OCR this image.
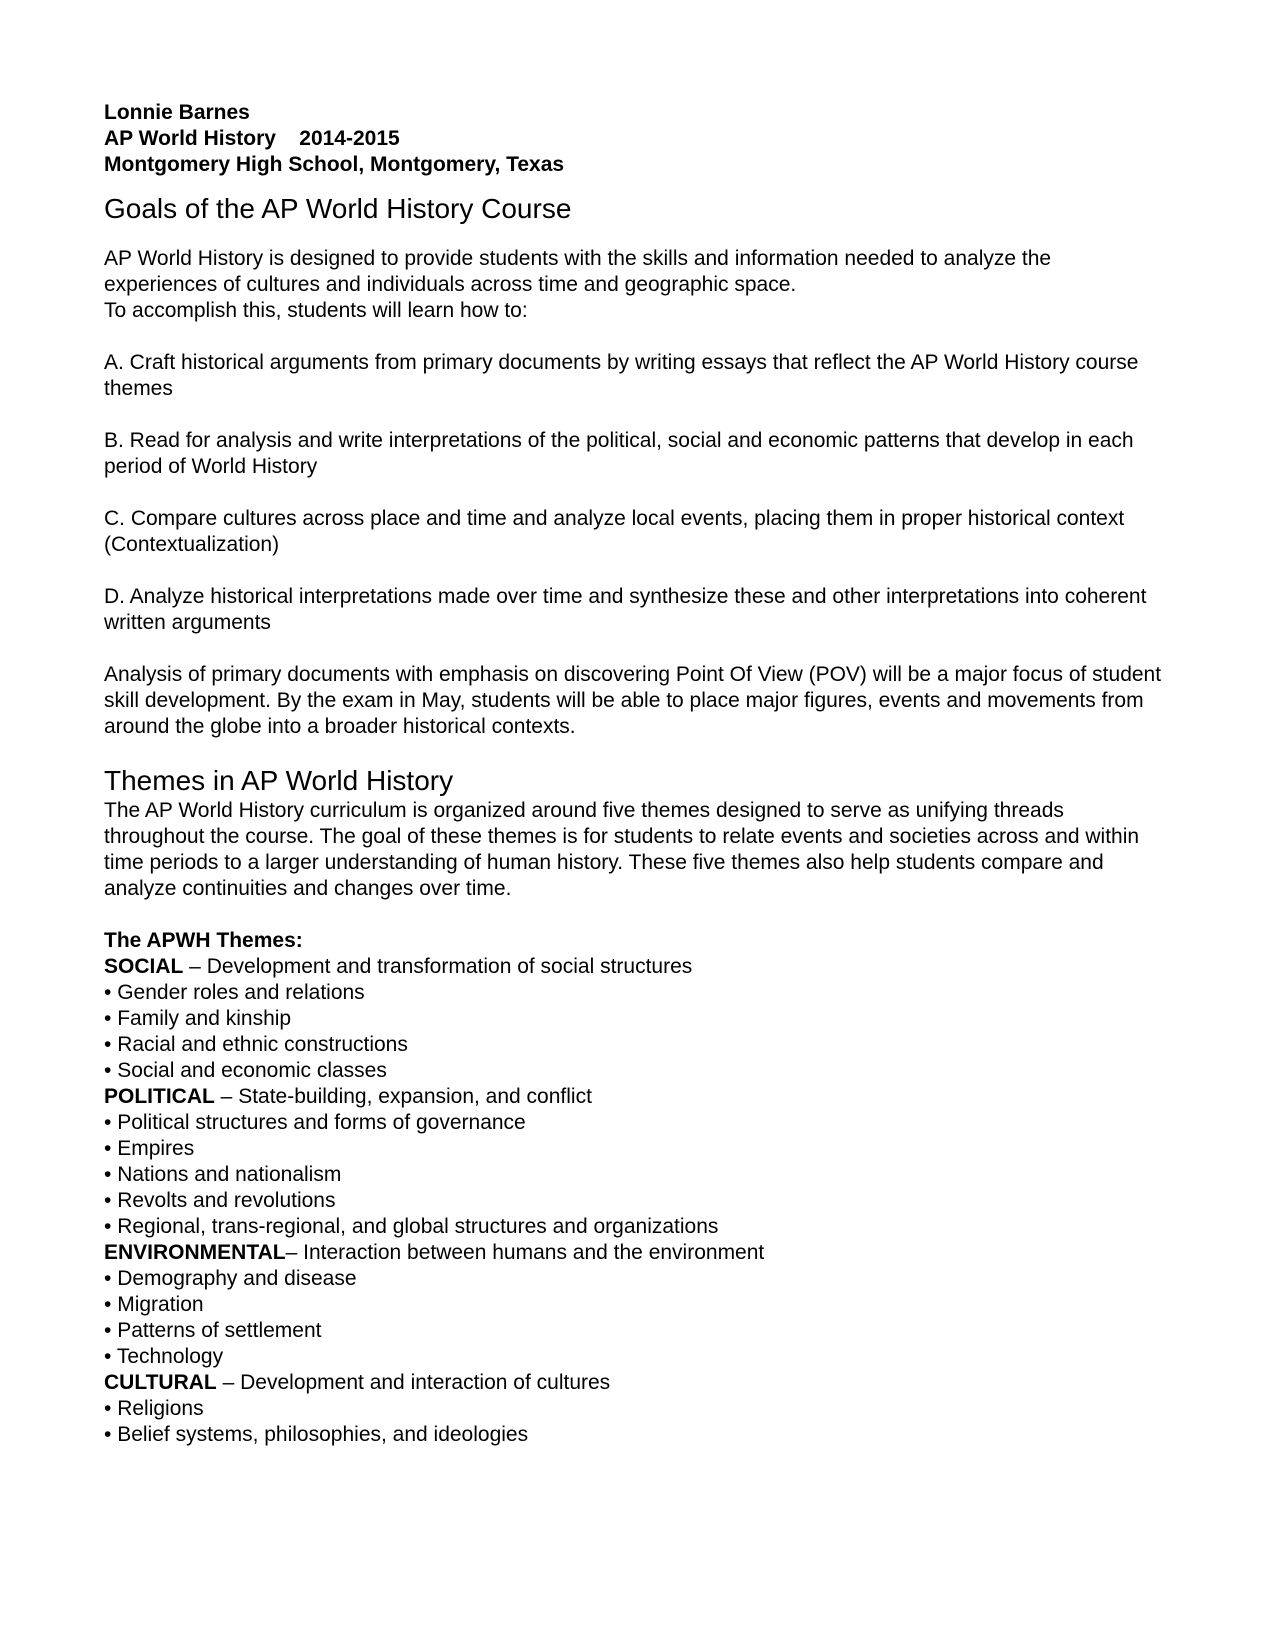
Lonnie Barnes
AP World History 2014-2015
Montgomery High School, Montgomery, Texas
Goals of the AP World History Course

AP World History is designed to provide students with the skills and information needed to analyze the experiences of cultures and individuals across time and geographic space.

To accomplish this, students will learn how to:

A. Craft historical arguments from primary documents by writing essays that reflect the AP World History course themes

B. Read for analysis and write interpretations of the political, social and economic patterns that develop in each period of World History

C. Compare cultures across place and time and analyze local events, placing them in proper historical context (Contextualization)

D. Analyze historical interpretations made over time and synthesize these and other interpretations into coherent written arguments

Analysis of primary documents with emphasis on discovering Point Of View (POV) will be a major focus of student skill development. By the exam in May, students will be able to place major figures, events and movements from around the globe into a broader historical contexts.

Themes in AP World History

The AP World History curriculum is organized around five themes designed to serve as unifying threads throughout the course. The goal of these themes is for students to relate events and societies across and within time periods to a larger understanding of human history. These five themes also help students compare and analyze continuities and changes over time.

The APWH Themes:
SOCIAL – Development and transformation of social structures
• Gender roles and relations
• Family and kinship
• Racial and ethnic constructions
• Social and economic classes
POLITICAL – State-building, expansion, and conflict
• Political structures and forms of governance
• Empires
• Nations and nationalism
• Revolts and revolutions
• Regional, trans-regional, and global structures and organizations
ENVIRONMENTAL– Interaction between humans and the environment
• Demography and disease
• Migration
• Patterns of settlement
• Technology
CULTURAL – Development and interaction of cultures
• Religions
• Belief systems, philosophies, and ideologies
